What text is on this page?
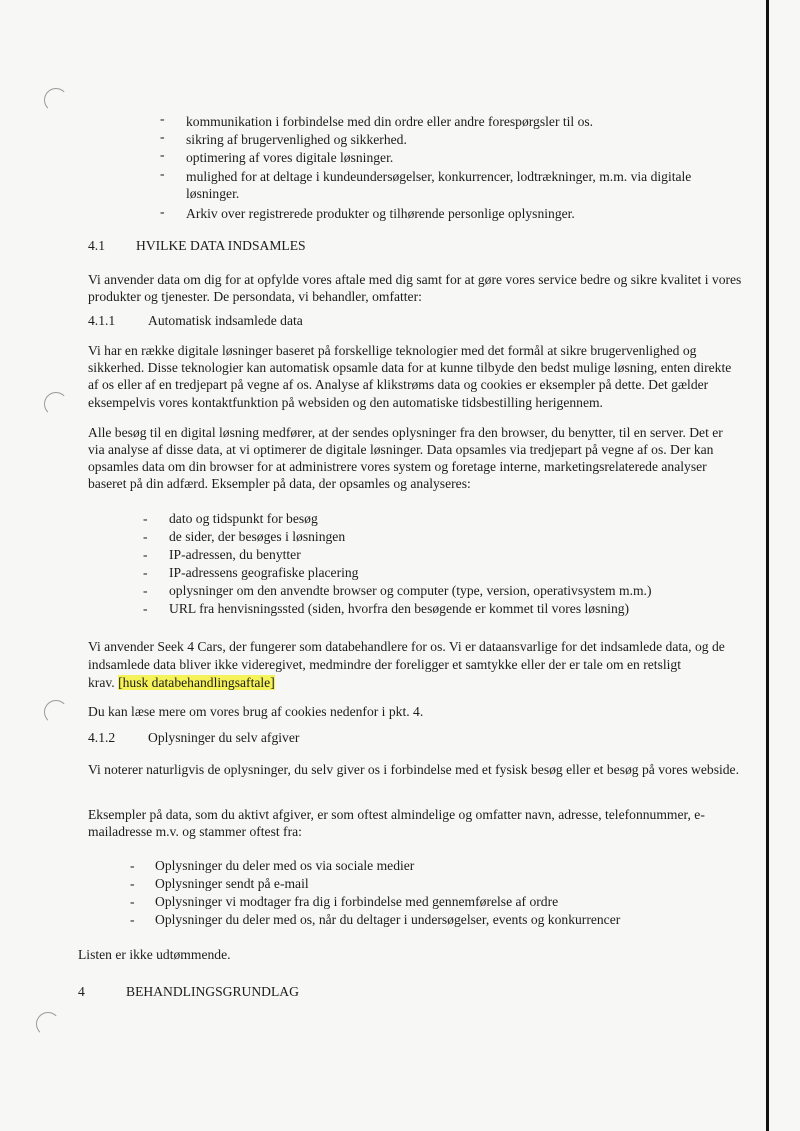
- kommunikation i forbindelse med din ordre eller andre forespørgsler til os.
- sikring af brugervenlighed og sikkerhed.
- optimering af vores digitale løsninger.
- mulighed for at deltage i kundeundersøgelser, konkurrencer, lodtrækninger, m.m. via digitale
løsninger.
- Arkiv over registrerede produkter og tilhørende personlige oplysninger.
4.1 HVILKE DATA INDSAMLES
Vi anvender data om dig for at opfylde vores aftale med dig samt for at gøre vores service bedre og sikre kvalitet i vores
produkter og tjenester. De persondata, vi behandler, omfatter:
4.1.1 Automatisk indsamlede data
Vi har en række digitale løsninger baseret på forskellige teknologier med det formål at sikre brugervenlighed og
sikkerhed. Disse teknologier kan automatisk opsamle data for at kunne tilbyde den bedst mulige løsning, enten direkte
af os eller af en tredjepart på vegne af os. Analyse af klikstrøms data og cookies er eksempler på dette. Det gælder
eksempelvis vores kontaktfunktion på websiden og den automatiske tidsbestilling herigennem.
Alle besøg til en digital løsning medfører, at der sendes oplysninger fra den browser, du benytter, til en server. Det er
via analyse af disse data, at vi optimerer de digitale løsninger. Data opsamles via tredjepart på vegne af os. Der kan
opsamles data om din browser for at administrere vores system og foretage interne, marketingsrelaterede analyser
baseret på din adfærd. Eksempler på data, der opsamles og analyseres:
- dato og tidspunkt for besøg
- de sider, der besøges i løsningen
- IP-adressen, du benytter
- IP-adressens geografiske placering
- oplysninger om den anvendte browser og computer (type, version, operativsystem m.m.)
- URL fra henvisningssted (siden, hvorfra den besøgende er kommet til vores løsning)
Vi anvender Seek 4 Cars, der fungerer som databehandlere for os. Vi er dataansvarlige for det indsamlede data, og de
indsamlede data bliver ikke videregivet, medmindre der foreligger et samtykke eller der er tale om en retsligt
krav. [husk databehandlingsaftale]
Du kan læse mere om vores brug af cookies nedenfor i pkt. 4.
4.1.2 Oplysninger du selv afgiver
Vi noterer naturligvis de oplysninger, du selv giver os i forbindelse med et fysisk besøg eller et besøg på vores webside.
Eksempler på data, som du aktivt afgiver, er som oftest almindelige og omfatter navn, adresse, telefonnummer, e-
mailadresse m.v. og stammer oftest fra:
- Oplysninger du deler med os via sociale medier
- Oplysninger sendt på e-mail
- Oplysninger vi modtager fra dig i forbindelse med gennemførelse af ordre
- Oplysninger du deler med os, når du deltager i undersøgelser, events og konkurrencer
Listen er ikke udtømmende.
4	BEHANDLINGSGRUNDLAG
